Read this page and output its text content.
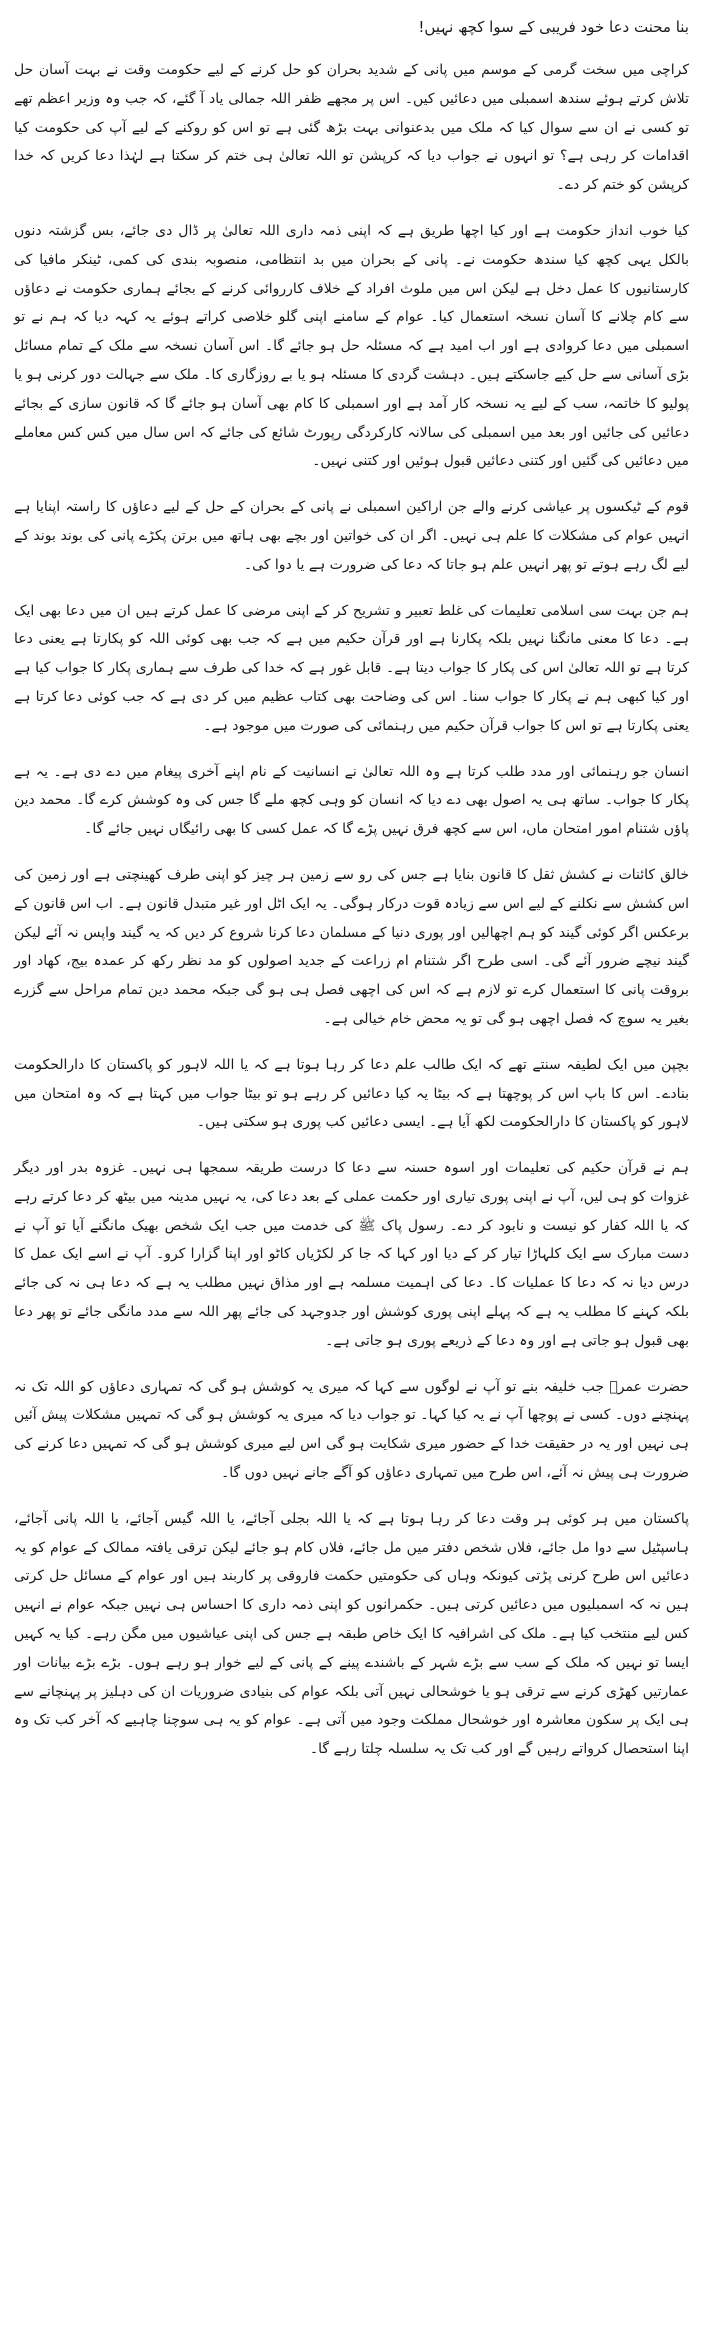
بنا محنت دعا خود فریبی کے سوا کچھ نہیں!

کراچی میں سخت گرمی کے موسم میں پانی کے شدید بحران کو حل کرنے کے لیے حکومت وقت نے بہت آسان حل تلاش کرتے ہوئے سندھ اسمبلی میں دعائیں کیں۔ اس پر مجھے ظفر اللہ جمالی یاد آ گئے، کہ جب وہ وزیر اعظم تھے تو کسی نے ان سے سوال کیا کہ ملک میں بدعنوانی بہت بڑھ گئی ہے تو اس کو روکنے کے لیے آپ کی حکومت کیا اقدامات کر رہی ہے؟ تو انہوں نے جواب دیا کہ کرپشن تو اللہ تعالیٰ ہی ختم کر سکتا ہے لہٰذا دعا کریں کہ خدا کرپشن کو ختم کر دے۔

کیا خوب انداز حکومت ہے اور کیا اچھا طریق ہے کہ اپنی ذمہ داری اللہ تعالیٰ پر ڈال دی جائے، بس گزشتہ دنوں بالکل یہی کچھ کیا سندھ حکومت نے۔ پانی کے بحران میں بد انتظامی، منصوبہ بندی کی کمی، ٹینکر مافیا کی کارستانیوں کا عمل دخل ہے لیکن اس میں ملوث افراد کے خلاف کارروائی کرنے کے بجائے ہماری حکومت نے دعاؤں سے کام چلانے کا آسان نسخہ استعمال کیا۔ عوام کے سامنے اپنی گلو خلاصی کراتے ہوئے یہ کہہ دیا کہ ہم نے تو اسمبلی میں دعا کروادی ہے اور اب امید ہے کہ مسئلہ حل ہو جائے گا۔ اس آسان نسخہ سے ملک کے تمام مسائل بڑی آسانی سے حل کیے جاسکتے ہیں۔ دہشت گردی کا مسئلہ ہو یا بے روزگاری کا۔ ملک سے جہالت دور کرنی ہو یا پولیو کا خاتمہ، سب کے لیے یہ نسخہ کار آمد ہے اور اسمبلی کا کام بھی آسان ہو جائے گا کہ قانون سازی کے بجائے دعائیں کی جائیں اور بعد میں اسمبلی کی سالانہ کارکردگی رپورٹ شائع کی جائے کہ اس سال میں کس کس معاملے میں دعائیں کی گئیں اور کتنی دعائیں قبول ہوئیں اور کتنی نہیں۔

قوم کے ٹیکسوں پر عیاشی کرنے والے جن اراکین اسمبلی نے پانی کے بحران کے حل کے لیے دعاؤں کا راستہ اپنایا ہے انہیں عوام کی مشکلات کا علم ہی نہیں۔ اگر ان کی خواتین اور بچے بھی ہاتھ میں برتن پکڑے پانی کی بوند بوند کے لیے لگ رہے ہوتے تو پھر انہیں علم ہو جاتا کہ دعا کی ضرورت ہے یا دوا کی۔

ہم جن بہت سی اسلامی تعلیمات کی غلط تعبیر و تشریح کر کے اپنی مرضی کا عمل کرتے ہیں ان میں دعا بھی ایک ہے۔ دعا کا معنی مانگنا نہیں بلکہ پکارنا ہے اور قرآن حکیم میں ہے کہ جب بھی کوئی اللہ کو پکارتا ہے یعنی دعا کرتا ہے تو اللہ تعالیٰ اس کی پکار کا جواب دیتا ہے۔ قابل غور ہے کہ خدا کی طرف سے ہماری پکار کا جواب کیا ہے اور کیا کبھی ہم نے پکار کا جواب سنا۔ اس کی وضاحت بھی کتاب عظیم میں کر دی ہے کہ جب کوئی دعا کرتا ہے یعنی پکارتا ہے تو اس کا جواب قرآن حکیم میں رہنمائی کی صورت میں موجود ہے۔

انسان جو رہنمائی اور مدد طلب کرتا ہے وہ اللہ تعالیٰ نے انسانیت کے نام اپنے آخری پیغام میں دے دی ہے۔ یہ ہے پکار کا جواب۔ ساتھ ہی یہ اصول بھی دے دیا کہ انسان کو وہی کچھ ملے گا جس کی وہ کوشش کرے گا۔ محمد دین پاؤں شتنام امور امتحان ماں، اس سے کچھ فرق نہیں پڑے گا کہ عمل کسی کا بھی رائیگاں نہیں جائے گا۔

خالق کائنات نے کشش ثقل کا قانون بنایا ہے جس کی رو سے زمین ہر چیز کو اپنی طرف کھینچتی ہے اور زمین کی اس کشش سے نکلنے کے لیے اس سے زیادہ قوت درکار ہوگی۔ یہ ایک اٹل اور غیر متبدل قانون ہے۔ اب اس قانون کے برعکس اگر کوئی گیند کو ہم اچھالیں اور پوری دنیا کے مسلمان دعا کرنا شروع کر دیں کہ یہ گیند واپس نہ آئے لیکن گیند نیچے ضرور آئے گی۔ اسی طرح اگر شتنام ام زراعت کے جدید اصولوں کو مد نظر رکھ کر عمدہ بیج، کھاد اور بروقت پانی کا استعمال کرے تو لازم ہے کہ اس کی اچھی فصل ہی ہو گی جبکہ محمد دین تمام مراحل سے گزرے بغیر یہ سوچ کہ فصل اچھی ہو گی تو یہ محض خام خیالی ہے۔

بچپن میں ایک لطیفہ سنتے تھے کہ ایک طالب علم دعا کر رہا ہوتا ہے کہ یا اللہ لاہور کو پاکستان کا دارالحکومت بنادے۔ اس کا باپ اس کر پوچھتا ہے کہ بیٹا یہ کیا دعائیں کر رہے ہو تو بیٹا جواب میں کہتا ہے کہ وہ امتحان میں لاہور کو پاکستان کا دارالحکومت لکھ آیا ہے۔ ایسی دعائیں کب پوری ہو سکتی ہیں۔

ہم نے قرآن حکیم کی تعلیمات اور اسوہ حسنہ سے دعا کا درست طریقہ سمجھا ہی نہیں۔ غزوہ بدر اور دیگر غزوات کو ہی لیں، آپ نے اپنی پوری تیاری اور حکمت عملی کے بعد دعا کی، یہ نہیں مدینہ میں بیٹھ کر دعا کرتے رہے کہ یا اللہ کفار کو نیست و نابود کر دے۔ رسول پاک ﷺ کی خدمت میں جب ایک شخص بھیک مانگنے آیا تو آپ نے دست مبارک سے ایک کلہاڑا تیار کر کے دیا اور کہا کہ جا کر لکڑیاں کاٹو اور اپنا گزارا کرو۔ آپ نے اسے ایک عمل کا درس دیا نہ کہ دعا کا عملیات کا۔ دعا کی اہمیت مسلمہ ہے اور مذاق نہیں مطلب یہ ہے کہ دعا ہی نہ کی جائے بلکہ کہنے کا مطلب یہ ہے کہ پہلے اپنی پوری کوشش اور جدوجہد کی جائے پھر اللہ سے مدد مانگی جائے تو پھر دعا بھی قبول ہو جاتی ہے اور وہ دعا کے ذریعے پوری ہو جاتی ہے۔

حضرت عمرؓ جب خلیفہ بنے تو آپ نے لوگوں سے کہا کہ میری یہ کوشش ہو گی کہ تمہاری دعاؤں کو اللہ تک نہ پہنچنے دوں۔ کسی نے پوچھا آپ نے یہ کیا کہا۔ تو جواب دیا کہ میری یہ کوشش ہو گی کہ تمہیں مشکلات پیش آئیں ہی نہیں اور یہ در حقیقت خدا کے حضور میری شکایت ہو گی اس لیے میری کوشش ہو گی کہ تمہیں دعا کرنے کی ضرورت ہی پیش نہ آئے، اس طرح میں تمہاری دعاؤں کو آگے جانے نہیں دوں گا۔

پاکستان میں ہر کوئی ہر وقت دعا کر رہا ہوتا ہے کہ یا اللہ بجلی آجائے، یا اللہ گیس آجائے، یا اللہ پانی آجائے، ہاسپٹیل سے دوا مل جائے، فلاں شخص دفتر میں مل جائے، فلاں کام ہو جائے لیکن ترقی یافتہ ممالک کے عوام کو یہ دعائیں اس طرح کرنی پڑتی کیونکہ وہاں کی حکومتیں حکمت فاروقی پر کاربند ہیں اور عوام کے مسائل حل کرتی ہیں نہ کہ اسمبلیوں میں دعائیں کرتی ہیں۔ حکمرانوں کو اپنی ذمہ داری کا احساس ہی نہیں جبکہ عوام نے انہیں کس لیے منتخب کیا ہے۔ ملک کی اشرافیہ کا ایک خاص طبقہ ہے جس کی اپنی عیاشیوں میں مگن رہے۔ کیا یہ کہیں ایسا تو نہیں کہ ملک کے سب سے بڑے شہر کے باشندے پینے کے پانی کے لیے خوار ہو رہے ہوں۔ بڑے بڑے بیانات اور عمارتیں کھڑی کرنے سے ترقی ہو یا خوشحالی نہیں آتی بلکہ عوام کی بنیادی ضروریات ان کی دہلیز پر پہنچانے سے ہی ایک پر سکون معاشرہ اور خوشحال مملکت وجود میں آتی ہے۔ عوام کو یہ ہی سوچنا چاہیے کہ آخر کب تک وہ اپنا استحصال کرواتے رہیں گے اور کب تک یہ سلسلہ چلتا رہے گا۔
